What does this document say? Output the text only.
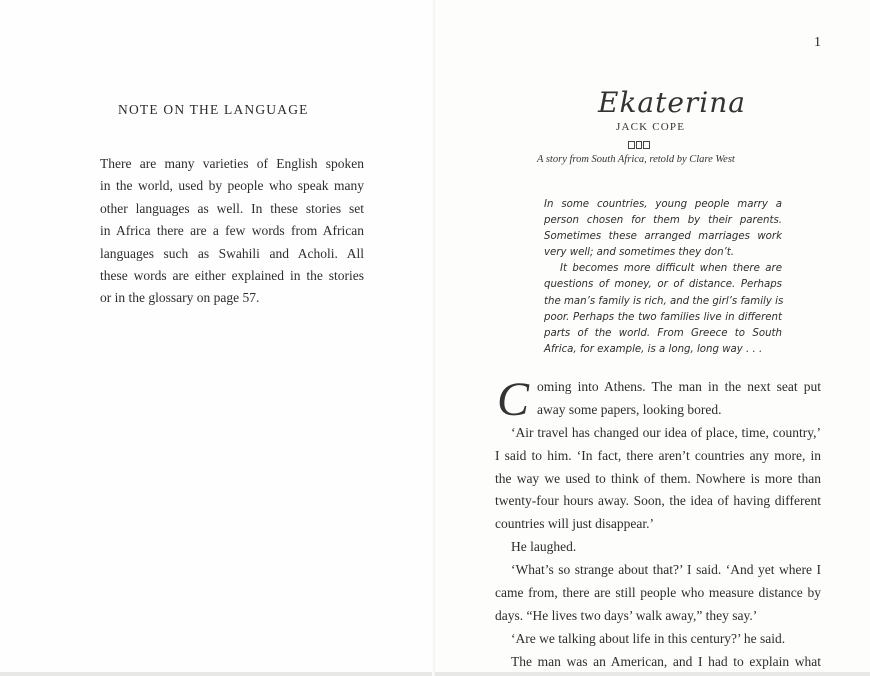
NOTE ON THE LANGUAGE
There are many varieties of English spoken
in the world, used by people who speak many
other languages as well. In these stories set
in Africa there are a few words from African
languages such as Swahili and Acholi. All
these words are either explained in the stories
or in the glossary on page 57.
1
Ekaterina
JACK COPE
A story from South Africa, retold by Clare West
In some countries, young people marry a
person chosen for them by their parents.
Sometimes these arranged marriages work
very well; and sometimes they don’t.
It becomes more difficult when there are
questions of money, or of distance. Perhaps
the man’s family is rich, and the girl’s family is
poor. Perhaps the two families live in different
parts of the world. From Greece to South
Africa, for example, is a long, long way . . .
C oming into Athens. The man in the next seat put
away some papers, looking bored.
‘Air travel has changed our idea of place, time, country,’
I said to him. ‘In fact, there aren’t countries any more, in
the way we used to think of them. Nowhere is more than
twenty-four hours away. Soon, the idea of having different
countries will just disappear.’
He laughed.
‘What’s so strange about that?’ I said. ‘And yet where I
came from, there are still people who measure distance by
days. “He lives two days’ walk away,” they say.’
‘Are we talking about life in this century?’ he said.
The man was an American, and I had to explain what
